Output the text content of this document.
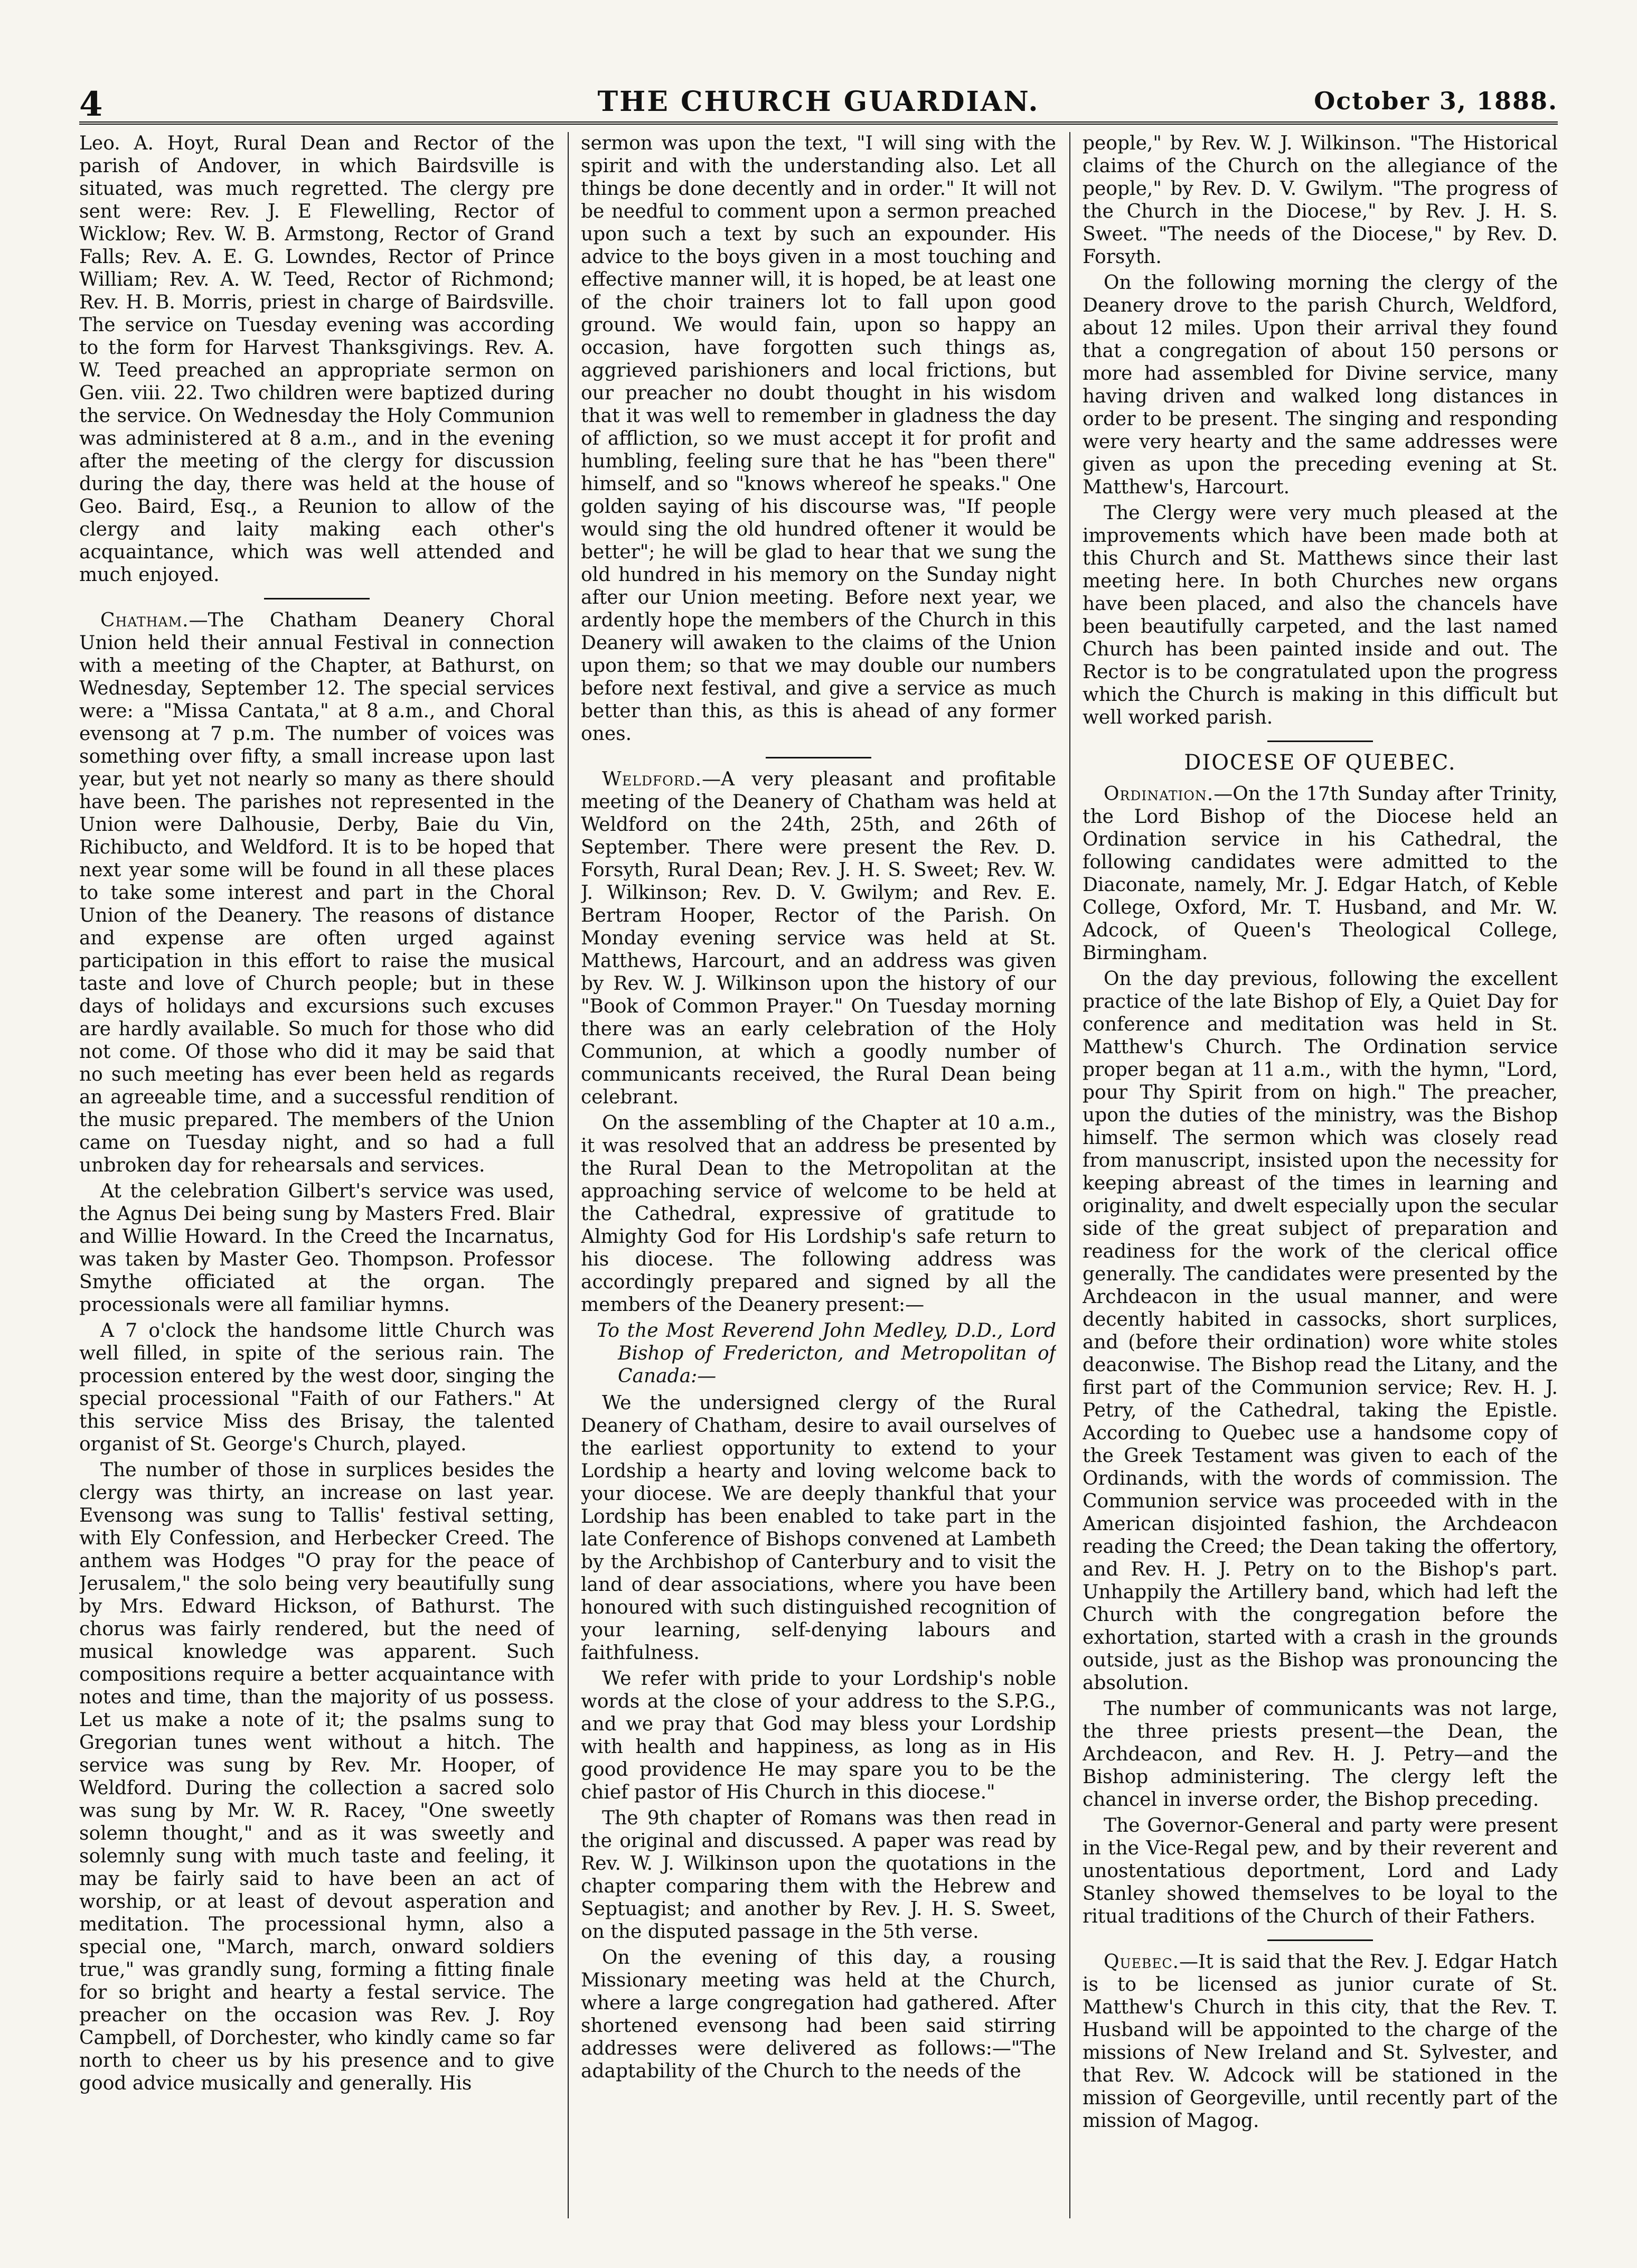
4	THE CHURCH GUARDIAN.	October 3, 1888.

Leo. A. Hoyt, Rural Dean and Rector of the parish of Andover, in which Bairdsville is situated, was much regretted. The clergy pre sent were: Rev. J. E Flewelling, Rector of Wicklow; Rev. W. B. Armstong, Rector of Grand Falls; Rev. A. E. G. Lowndes, Rector of Prince William; Rev. A. W. Teed, Rector of Richmond; Rev. H. B. Morris, priest in charge of Bairdsville. The service on Tuesday evening was according to the form for Harvest Thanksgivings. Rev. A. W. Teed preached an appropriate sermon on Gen. viii. 22. Two children were baptized during the service. On Wednesday the Holy Communion was administered at 8 a.m., and in the evening after the meeting of the clergy for discussion during the day, there was held at the house of Geo. Baird, Esq., a Reunion to allow of the clergy and laity making each other's acquaintance, which was well attended and much enjoyed.

Chatham.—The Chatham Deanery Choral Union held their annual Festival in connection with a meeting of the Chapter, at Bathurst, on Wednesday, September 12. The special services were: a "Missa Cantata," at 8 a.m., and Choral evensong at 7 p.m. The number of voices was something over fifty, a small increase upon last year, but yet not nearly so many as there should have been. The parishes not represented in the Union were Dalhousie, Derby, Baie du Vin, Richibucto, and Weldford. It is to be hoped that next year some will be found in all these places to take some interest and part in the Choral Union of the Deanery. The reasons of distance and expense are often urged against participation in this effort to raise the musical taste and love of Church people; but in these days of holidays and excursions such excuses are hardly available. So much for those who did not come. Of those who did it may be said that no such meeting has ever been held as regards an agreeable time, and a successful rendition of the music prepared. The members of the Union came on Tuesday night, and so had a full unbroken day for rehearsals and services.

At the celebration Gilbert's service was used, the Agnus Dei being sung by Masters Fred. Blair and Willie Howard. In the Creed the Incarnatus, was taken by Master Geo. Thompson. Professor Smythe officiated at the organ. The processionals were all familiar hymns.

A 7 o'clock the handsome little Church was well filled, in spite of the serious rain. The procession entered by the west door, singing the special processional "Faith of our Fathers." At this service Miss des Brisay, the talented organist of St. George's Church, played.

The number of those in surplices besides the clergy was thirty, an increase on last year. Evensong was sung to Tallis' festival setting, with Ely Confession, and Herbecker Creed. The anthem was Hodges "O pray for the peace of Jerusalem," the solo being very beautifully sung by Mrs. Edward Hickson, of Bathurst. The chorus was fairly rendered, but the need of musical knowledge was apparent. Such compositions require a better acquaintance with notes and time, than the majority of us possess. Let us make a note of it; the psalms sung to Gregorian tunes went without a hitch. The service was sung by Rev. Mr. Hooper, of Weldford. During the collection a sacred solo was sung by Mr. W. R. Racey, "One sweetly solemn thought," and as it was sweetly and solemnly sung with much taste and feeling, it may be fairly said to have been an act of worship, or at least of devout asperation and meditation. The processional hymn, also a special one, "March, march, onward soldiers true," was grandly sung, forming a fitting finale for so bright and hearty a festal service. The preacher on the occasion was Rev. J. Roy Campbell, of Dorchester, who kindly came so far north to cheer us by his presence and to give good advice musically and generally. His

sermon was upon the text, "I will sing with the spirit and with the understanding also. Let all things be done decently and in order." It will not be needful to comment upon a sermon preached upon such a text by such an expounder. His advice to the boys given in a most touching and effective manner will, it is hoped, be at least one of the choir trainers lot to fall upon good ground. We would fain, upon so happy an occasion, have forgotten such things as, aggrieved parishioners and local frictions, but our preacher no doubt thought in his wisdom that it was well to remember in gladness the day of affliction, so we must accept it for profit and humbling, feeling sure that he has "been there" himself, and so "knows whereof he speaks." One golden saying of his discourse was, "If people would sing the old hundred oftener it would be better"; he will be glad to hear that we sung the old hundred in his memory on the Sunday night after our Union meeting. Before next year, we ardently hope the members of the Church in this Deanery will awaken to the claims of the Union upon them; so that we may double our numbers before next festival, and give a service as much better than this, as this is ahead of any former ones.

Weldford.—A very pleasant and profitable meeting of the Deanery of Chatham was held at Weldford on the 24th, 25th, and 26th of September. There were present the Rev. D. Forsyth, Rural Dean; Rev. J. H. S. Sweet; Rev. W. J. Wilkinson; Rev. D. V. Gwilym; and Rev. E. Bertram Hooper, Rector of the Parish. On Monday evening service was held at St. Matthews, Harcourt, and an address was given by Rev. W. J. Wilkinson upon the history of our "Book of Common Prayer." On Tuesday morning there was an early celebration of the Holy Communion, at which a goodly number of communicants received, the Rural Dean being celebrant.

On the assembling of the Chapter at 10 a.m., it was resolved that an address be presented by the Rural Dean to the Metropolitan at the approaching service of welcome to be held at the Cathedral, expressive of gratitude to Almighty God for His Lordship's safe return to his diocese. The following address was accordingly prepared and signed by all the members of the Deanery present:—

To the Most Reverend John Medley, D.D., Lord Bishop of Fredericton, and Metropolitan of Canada:—

We the undersigned clergy of the Rural Deanery of Chatham, desire to avail ourselves of the earliest opportunity to extend to your Lordship a hearty and loving welcome back to your diocese. We are deeply thankful that your Lordship has been enabled to take part in the late Conference of Bishops convened at Lambeth by the Archbishop of Canterbury and to visit the land of dear associations, where you have been honoured with such distinguished recognition of your learning, self-denying labours and faithfulness.

We refer with pride to your Lordship's noble words at the close of your address to the S.P.G., and we pray that God may bless your Lordship with health and happiness, as long as in His good providence He may spare you to be the chief pastor of His Church in this diocese."

The 9th chapter of Romans was then read in the original and discussed. A paper was read by Rev. W. J. Wilkinson upon the quotations in the chapter comparing them with the Hebrew and Septuagist; and another by Rev. J. H. S. Sweet, on the disputed passage in the 5th verse.

On the evening of this day, a rousing Missionary meeting was held at the Church, where a large congregation had gathered. After shortened evensong had been said stirring addresses were delivered as follows:—"The adaptability of the Church to the needs of the

people," by Rev. W. J. Wilkinson. "The Historical claims of the Church on the allegiance of the people," by Rev. D. V. Gwilym. "The progress of the Church in the Diocese," by Rev. J. H. S. Sweet. "The needs of the Diocese," by Rev. D. Forsyth.

On the following morning the clergy of the Deanery drove to the parish Church, Weldford, about 12 miles. Upon their arrival they found that a congregation of about 150 persons or more had assembled for Divine service, many having driven and walked long distances in order to be present. The singing and responding were very hearty and the same addresses were given as upon the preceding evening at St. Matthew's, Harcourt.

The Clergy were very much pleased at the improvements which have been made both at this Church and St. Matthews since their last meeting here. In both Churches new organs have been placed, and also the chancels have been beautifully carpeted, and the last named Church has been painted inside and out. The Rector is to be congratulated upon the progress which the Church is making in this difficult but well worked parish.

DIOCESE OF QUEBEC.

Ordination.—On the 17th Sunday after Trinity, the Lord Bishop of the Diocese held an Ordination service in his Cathedral, the following candidates were admitted to the Diaconate, namely, Mr. J. Edgar Hatch, of Keble College, Oxford, Mr. T. Husband, and Mr. W. Adcock, of Queen's Theological College, Birmingham.

On the day previous, following the excellent practice of the late Bishop of Ely, a Quiet Day for conference and meditation was held in St. Matthew's Church. The Ordination service proper began at 11 a.m., with the hymn, "Lord, pour Thy Spirit from on high." The preacher, upon the duties of the ministry, was the Bishop himself. The sermon which was closely read from manuscript, insisted upon the necessity for keeping abreast of the times in learning and originality, and dwelt especially upon the secular side of the great subject of preparation and readiness for the work of the clerical office generally. The candidates were presented by the Archdeacon in the usual manner, and were decently habited in cassocks, short surplices, and (before their ordination) wore white stoles deaconwise. The Bishop read the Litany, and the first part of the Communion service; Rev. H. J. Petry, of the Cathedral, taking the Epistle. According to Quebec use a handsome copy of the Greek Testament was given to each of the Ordinands, with the words of commission. The Communion service was proceeded with in the American disjointed fashion, the Archdeacon reading the Creed; the Dean taking the offertory, and Rev. H. J. Petry on to the Bishop's part. Unhappily the Artillery band, which had left the Church with the congregation before the exhortation, started with a crash in the grounds outside, just as the Bishop was pronouncing the absolution.

The number of communicants was not large, the three priests present—the Dean, the Archdeacon, and Rev. H. J. Petry—and the Bishop administering. The clergy left the chancel in inverse order, the Bishop preceding.

The Governor-General and party were present in the Vice-Regal pew, and by their reverent and unostentatious deportment, Lord and Lady Stanley showed themselves to be loyal to the ritual traditions of the Church of their Fathers.

Quebec.—It is said that the Rev. J. Edgar Hatch is to be licensed as junior curate of St. Matthew's Church in this city, that the Rev. T. Husband will be appointed to the charge of the missions of New Ireland and St. Sylvester, and that Rev. W. Adcock will be stationed in the mission of Georgeville, until recently part of the mission of Magog.
